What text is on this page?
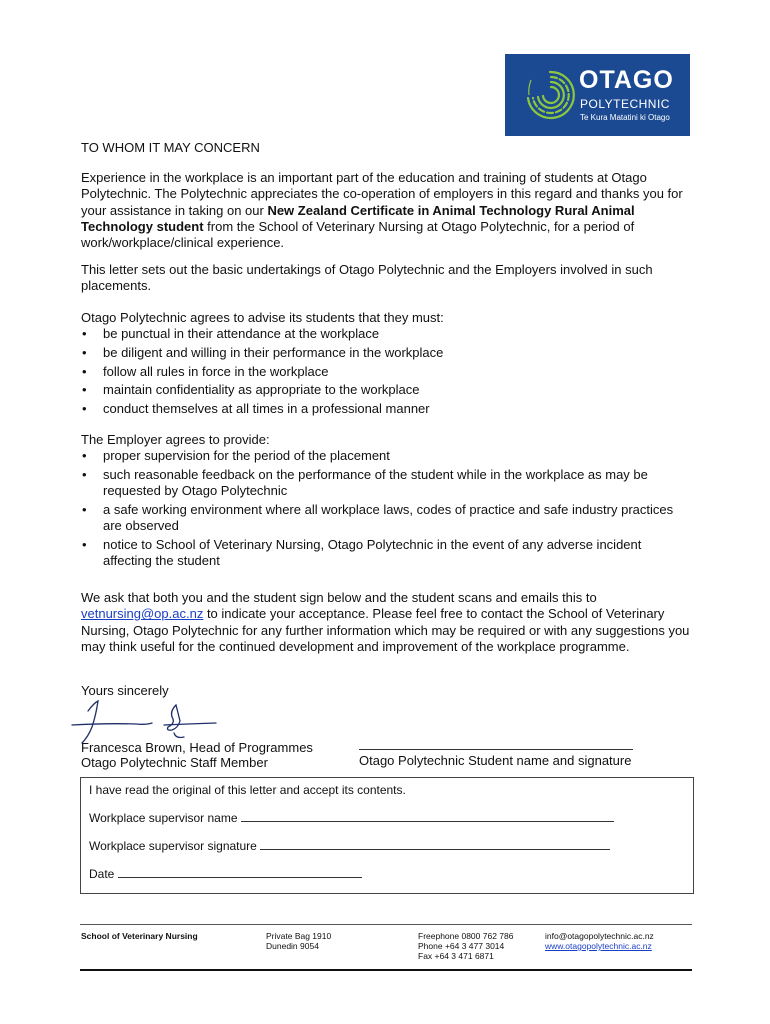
OTAGO
POLYTECHNIC
Te Kura Matatini ki Otago
TO WHOM IT MAY CONCERN
Experience in the workplace is an important part of the education and training of students at Otago Polytechnic. The Polytechnic appreciates the co-operation of employers in this regard and thanks you for your assistance in taking on our New Zealand Certificate in Animal Technology Rural Animal Technology student from the School of Veterinary Nursing at Otago Polytechnic, for a period of work/workplace/clinical experience.
This letter sets out the basic undertakings of Otago Polytechnic and the Employers involved in such placements.

Otago Polytechnic agrees to advise its students that they must:

• be punctual in their attendance at the workplace
• be diligent and willing in their performance in the workplace
• follow all rules in force in the workplace
• maintain confidentiality as appropriate to the workplace
• conduct themselves at all times in a professional manner

The Employer agrees to provide:

• proper supervision for the period of the placement
• such reasonable feedback on the performance of the student while in the workplace as may be requested by Otago Polytechnic
• a safe working environment where all workplace laws, codes of practice and safe industry practices are observed
• notice to School of Veterinary Nursing, Otago Polytechnic in the event of any adverse incident affecting the student
We ask that both you and the student sign below and the student scans and emails this to vetnursing@op.ac.nz to indicate your acceptance. Please feel free to contact the School of Veterinary Nursing, Otago Polytechnic for any further information which may be required or with any suggestions you may think useful for the continued development and improvement of the workplace programme.
Yours sincerely
Francesca Brown, Head of Programmes
Otago Polytechnic Staff Member	Otago Polytechnic Student name and signature
I have read the original of this letter and accept its contents.
Workplace supervisor name
Workplace supervisor signature
Date
School of Veterinary Nursing	Private Bag 1910
Dunedin 9054
Freephone 0800 762 786
Phone +64 3 477 3014
Fax +64 3 471 6871
info@otagopolytechnic.ac.nz
www.otagopolytechnic.ac.nz
